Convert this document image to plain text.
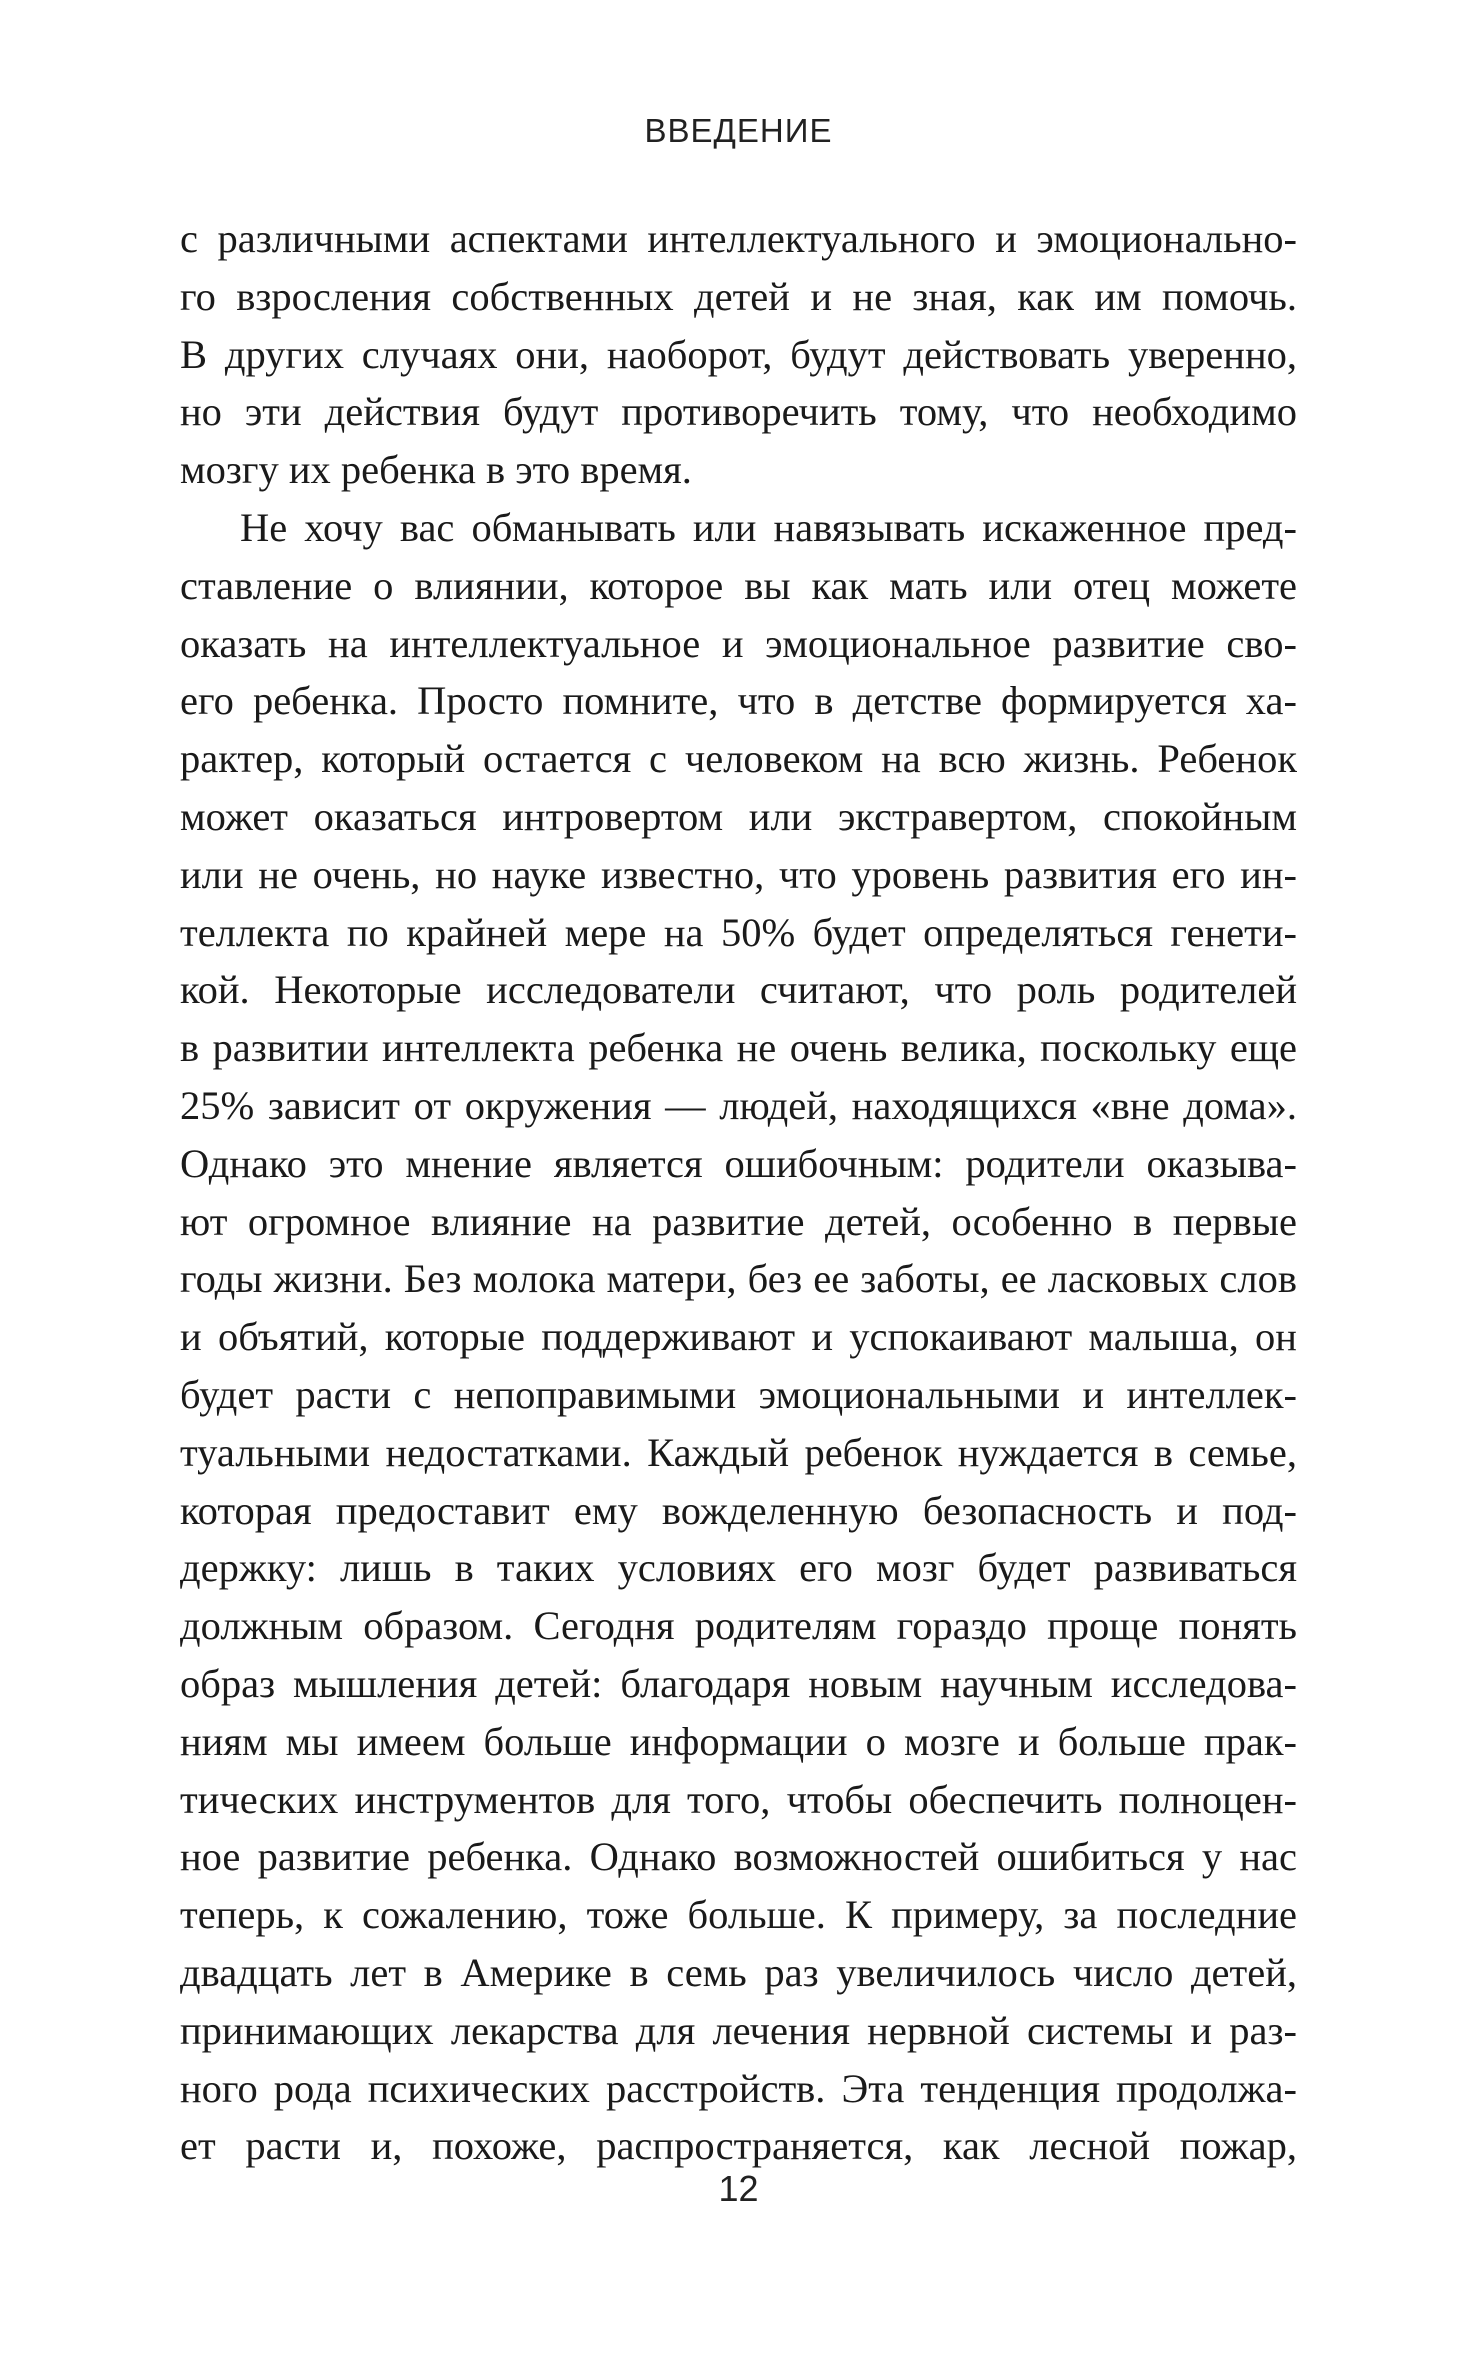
ВВЕДЕНИЕ
с различными аспектами интеллектуального и эмоционально-
го взросления собственных детей и не зная, как им помочь.
В других случаях они, наоборот, будут действовать уверенно,
но эти действия будут противоречить тому, что необходимо
мозгу их ребенка в это время.
Не хочу вас обманывать или навязывать искаженное пред-
ставление о влиянии, которое вы как мать или отец можете
оказать на интеллектуальное и эмоциональное развитие сво-
его ребенка. Просто помните, что в детстве формируется ха-
рактер, который остается с человеком на всю жизнь. Ребенок
может оказаться интровертом или экстравертом, спокойным
или не очень, но науке известно, что уровень развития его ин-
теллекта по крайней мере на 50% будет определяться генети-
кой. Некоторые исследователи считают, что роль родителей
в развитии интеллекта ребенка не очень велика, поскольку еще
25% зависит от окружения — людей, находящихся «вне дома».
Однако это мнение является ошибочным: родители оказыва-
ют огромное влияние на развитие детей, особенно в первые
годы жизни. Без молока матери, без ее заботы, ее ласковых слов
и объятий, которые поддерживают и успокаивают малыша, он
будет расти с непоправимыми эмоциональными и интеллек-
туальными недостатками. Каждый ребенок нуждается в семье,
которая предоставит ему вожделенную безопасность и под-
держку: лишь в таких условиях его мозг будет развиваться
должным образом. Сегодня родителям гораздо проще понять
образ мышления детей: благодаря новым научным исследова-
ниям мы имеем больше информации о мозге и больше прак-
тических инструментов для того, чтобы обеспечить полноцен-
ное развитие ребенка. Однако возможностей ошибиться у нас
теперь, к сожалению, тоже больше. К примеру, за последние
двадцать лет в Америке в семь раз увеличилось число детей,
принимающих лекарства для лечения нервной системы и раз-
ного рода психических расстройств. Эта тенденция продолжа-
ет расти и, похоже, распространяется, как лесной пожар,
12
